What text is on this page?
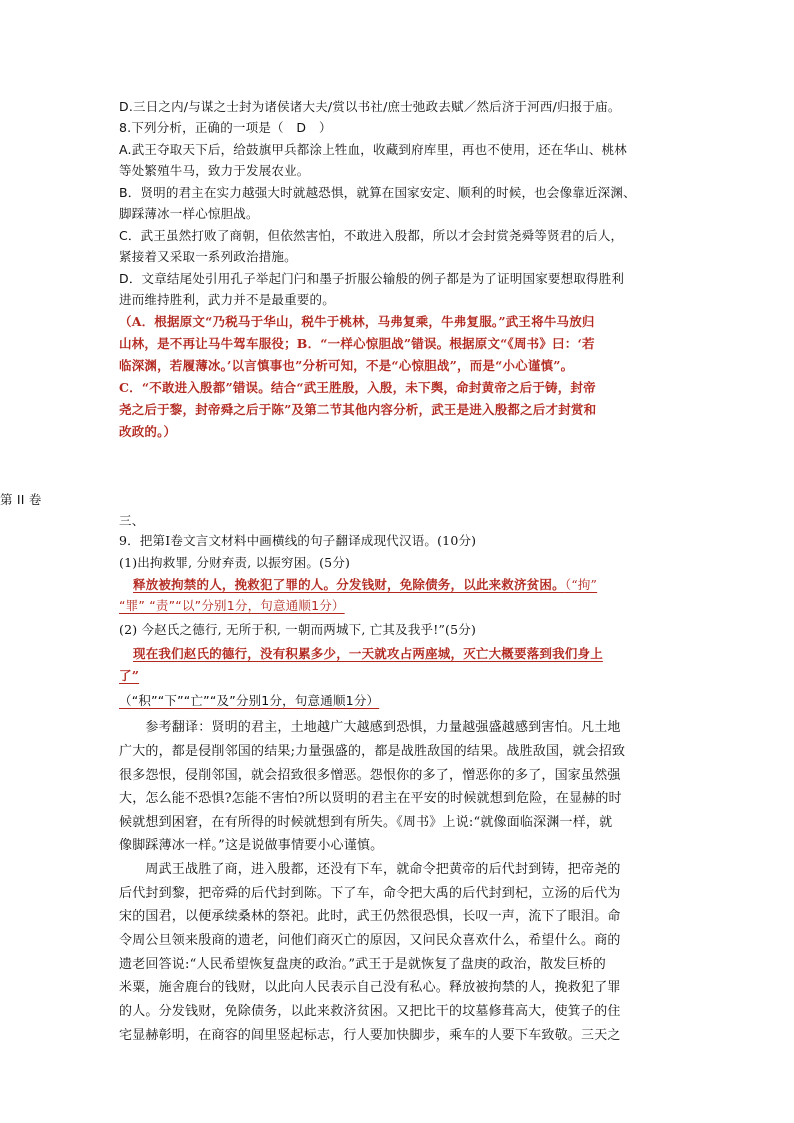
D.三日之内/与谋之士封为诸侯诸大夫/赏以书社/庶士弛政去赋／然后济于河西/归报于庙。
8.下列分析，正确的一项是（　D　）
A.武王夺取天下后，给鼓旗甲兵都涂上牲血，收藏到府库里，再也不使用，还在华山、桃林
等处繁殖牛马，致力于发展农业。
B．贤明的君主在实力越强大时就越恐惧，就算在国家安定、顺利的时候，也会像靠近深渊、
脚踩薄冰一样心惊胆战。
C．武王虽然打败了商朝，但依然害怕，不敢进入殷都，所以才会封赏尧舜等贤君的后人，
紧接着又采取一系列政治措施。
D．文章结尾处引用孔子举起门闩和墨子折服公输般的例子都是为了证明国家要想取得胜利
进而维持胜利，武力并不是最重要的。
（A．根据原文“乃税马于华山，税牛于桃林，马弗复乘，牛弗复服。”武王将牛马放归
山林，是不再让马牛驾车服役；B．“一样心惊胆战”错误。根据原文“《周书》曰：‘若
临深渊，若履薄冰。’以言慎事也”分析可知，不是“心惊胆战”，而是“小心谨慎”。
C．“不敢进入殷都”错误。结合“武王胜殷，入殷，未下舆，命封黄帝之后于铸，封帝
尧之后于黎，封帝舜之后于陈”及第二节其他内容分析，武王是进入殷都之后才封赏和
改政的。）
第 II 卷
三、
9．把第Ⅰ卷文言文材料中画横线的句子翻译成现代汉语。(10分)
(1)出拘救罪, 分财弃责, 以振穷困。(5分)
释放被拘禁的人，挽救犯了罪的人。分发钱财，免除债务，以此来救济贫困。（“拘”
“罪” “责”“以”分别1分，句意通顺1分）
(2) 今赵氏之德行, 无所于积, 一朝而两城下, 亡其及我乎!”(5分)
现在我们赵氏的德行，没有积累多少，一天就攻占两座城，灭亡大概要落到我们身上
了”
（“积”“下”“亡”“及”分别1分，句意通顺1分）
　　参考翻译：贤明的君主，土地越广大越感到恐惧，力量越强盛越感到害怕。凡土地
广大的，都是侵削邻国的结果;力量强盛的，都是战胜敌国的结果。战胜敌国，就会招致
很多怨恨，侵削邻国，就会招致很多憎恶。怨恨你的多了，憎恶你的多了，国家虽然强
大，怎么能不恐惧?怎能不害怕?所以贤明的君主在平安的时候就想到危险，在显赫的时
候就想到困窘，在有所得的时候就想到有所失。《周书》上说:“就像面临深渊一样，就
像脚踩薄冰一样。”这是说做事情要小心谨慎。
　　周武王战胜了商，进入殷都，还没有下车，就命令把黄帝的后代封到铸，把帝尧的
后代封到黎，把帝舜的后代封到陈。下了车，命令把大禹的后代封到杞，立汤的后代为
宋的国君，以便承续桑林的祭祀。此时，武王仍然很恐惧，长叹一声，流下了眼泪。命
令周公旦领来殷商的遗老，问他们商灭亡的原因，又问民众喜欢什么，希望什么。商的
遗老回答说:“人民希望恢复盘庚的政治。”武王于是就恢复了盘庚的政治，散发巨桥的
米粟，施舍鹿台的钱财，以此向人民表示自己没有私心。释放被拘禁的人，挽救犯了罪
的人。分发钱财，免除债务，以此来救济贫困。又把比干的坟墓修葺高大，使箕子的住
宅显赫彰明，在商容的闾里竖起标志，行人要加快脚步，乘车的人要下车致敬。三天之
